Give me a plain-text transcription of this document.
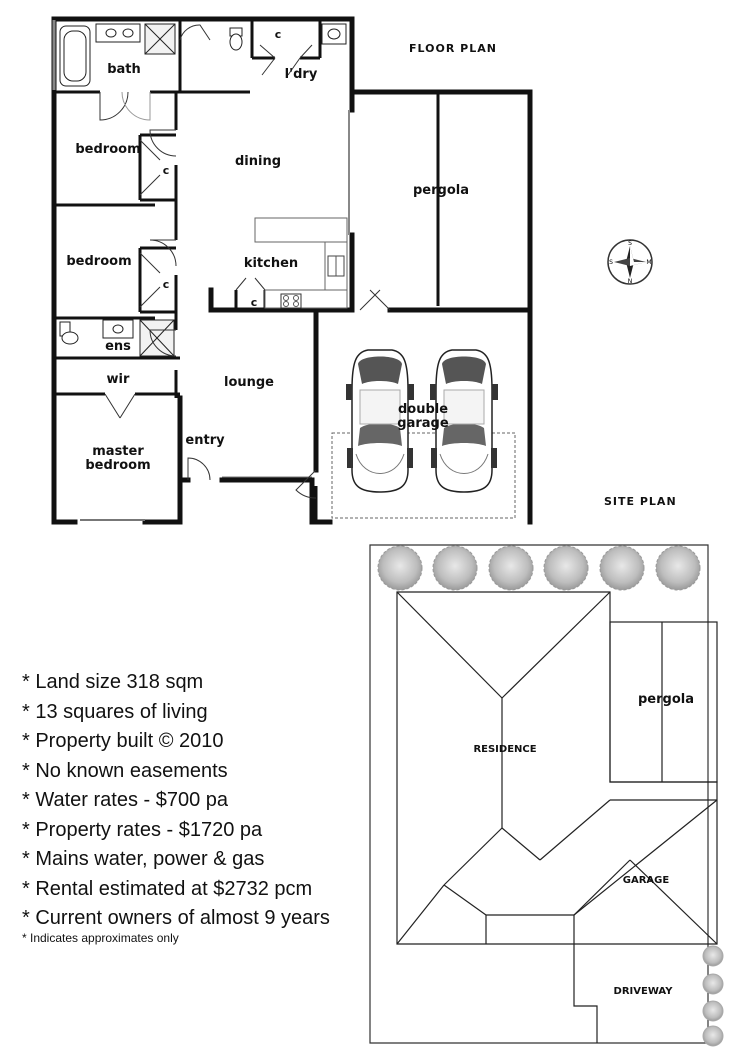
S
N
S	M
FLOOR PLAN
SITE PLAN
bath	l'dry
bedroom
bedroom
dining
kitchen
pergola
ens
wir	lounge
master
bedroom
entry
double
garage
c
c
c
c
RESIDENCE
pergola
GARAGE
DRIVEWAY
* Land size 318 sqm
* 13 squares of living
* Property built © 2010
* No known easements
* Water rates - $700 pa
* Property rates - $1720 pa
* Mains water, power & gas
* Rental estimated at $2732 pcm
* Current owners of almost 9 years
* Indicates approximates only
